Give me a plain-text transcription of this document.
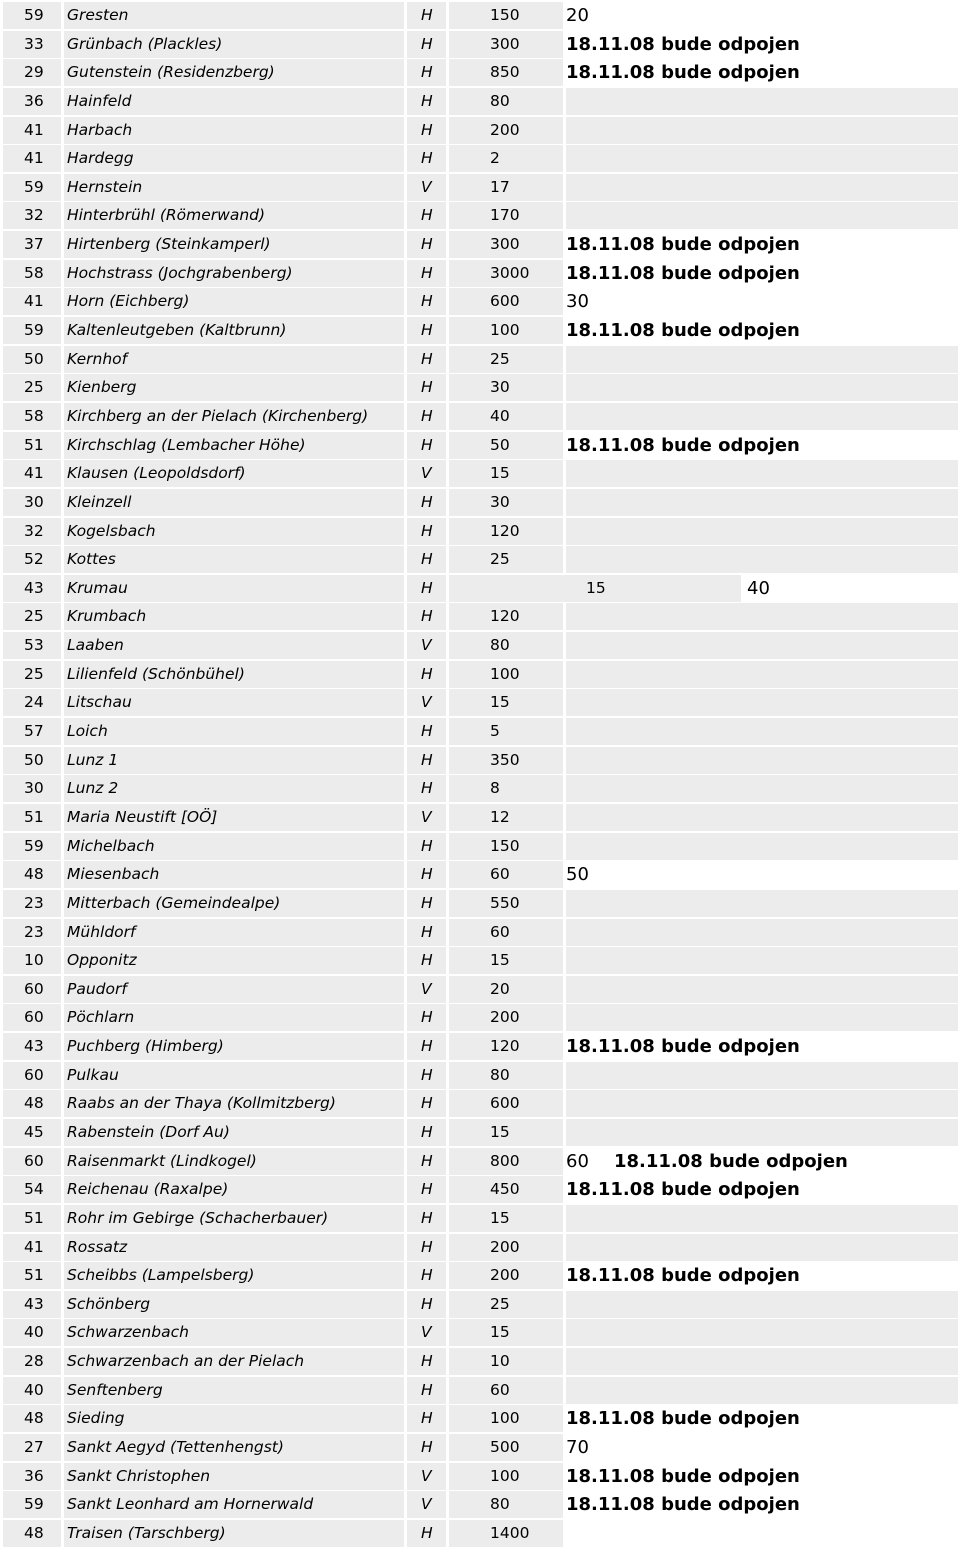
59	Gresten	H	150	20
33	Grünbach (Plackles)	H	300	18.11.08 bude odpojen
29	Gutenstein (Residenzberg)	H	850	18.11.08 bude odpojen
36	Hainfeld	H	80
41	Harbach	H	200
41	Hardegg	H	2
59	Hernstein	V	17
32	Hinterbrühl (Römerwand)	H	170
37	Hirtenberg (Steinkamperl)	H	300	18.11.08 bude odpojen
58	Hochstrass (Jochgrabenberg)	H	3000	18.11.08 bude odpojen
41	Horn (Eichberg)	H	600	30
59	Kaltenleutgeben (Kaltbrunn)	H	100	18.11.08 bude odpojen
50	Kernhof	H	25
25	Kienberg	H	30
58	Kirchberg an der Pielach (Kirchenberg)	H	40
51	Kirchschlag (Lembacher Höhe)	H	50	18.11.08 bude odpojen
41	Klausen (Leopoldsdorf)	V	15
30	Kleinzell	H	30
32	Kogelsbach	H	120
52	Kottes	H	25
43	Krumau	H	15	40
25	Krumbach	H	120
53	Laaben	V	80
25	Lilienfeld (Schönbühel)	H	100
24	Litschau	V	15
57	Loich	H	5
50	Lunz 1	H	350
30	Lunz 2	H	8
51	Maria Neustift [OÖ]	V	12
59	Michelbach	H	150
48	Miesenbach	H	60	50
23	Mitterbach (Gemeindealpe)	H	550
23	Mühldorf	H	60
10	Opponitz	H	15
60	Paudorf	V	20
60	Pöchlarn	H	200
43	Puchberg (Himberg)	H	120	18.11.08 bude odpojen
60	Pulkau	H	80
48	Raabs an der Thaya (Kollmitzberg)	H	600
45	Rabenstein (Dorf Au)	H	15
60	Raisenmarkt (Lindkogel)	H	800	60 18.11.08 bude odpojen
54	Reichenau (Raxalpe)	H	450	18.11.08 bude odpojen
51	Rohr im Gebirge (Schacherbauer)	H	15
41	Rossatz	H	200
51	Scheibbs (Lampelsberg)	H	200	18.11.08 bude odpojen
43	Schönberg	H	25
40	Schwarzenbach	V	15
28	Schwarzenbach an der Pielach	H	10
40	Senftenberg	H	60
48	Sieding	H	100	18.11.08 bude odpojen
27	Sankt Aegyd (Tettenhengst)	H	500	70
36	Sankt Christophen	V	100	18.11.08 bude odpojen
59	Sankt Leonhard am Hornerwald	V	80	18.11.08 bude odpojen
48	Traisen (Tarschberg)	H	1400
